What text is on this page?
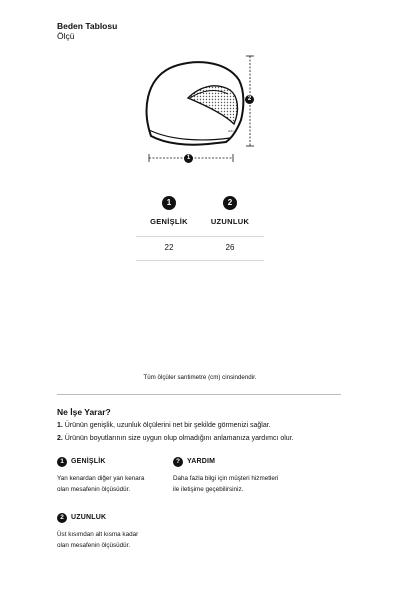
Beden Tablosu
Ölçü
dsbn
2
1
1	2
GENİŞLİK	UZUNLUK
22	26
Tüm ölçüler santimetre (cm) cinsindendir.
Ne İşe Yarar?
1. Ürünün genişlik, uzunluk ölçülerini net bir şekilde görmenizi sağlar.
2. Ürünün boyutlarının size uygun olup olmadığını anlamanıza yardımcı olur.
1	GENİŞLİK
Yan kenardan diğer yan kenara
olan mesafenin ölçüsüdür.
?	YARDIM
Daha fazla bilgi için müşteri hizmetleri
ile iletişime geçebilirsiniz.
2	UZUNLUK
Üst kısımdan alt kısma kadar
olan mesafenin ölçüsüdür.
